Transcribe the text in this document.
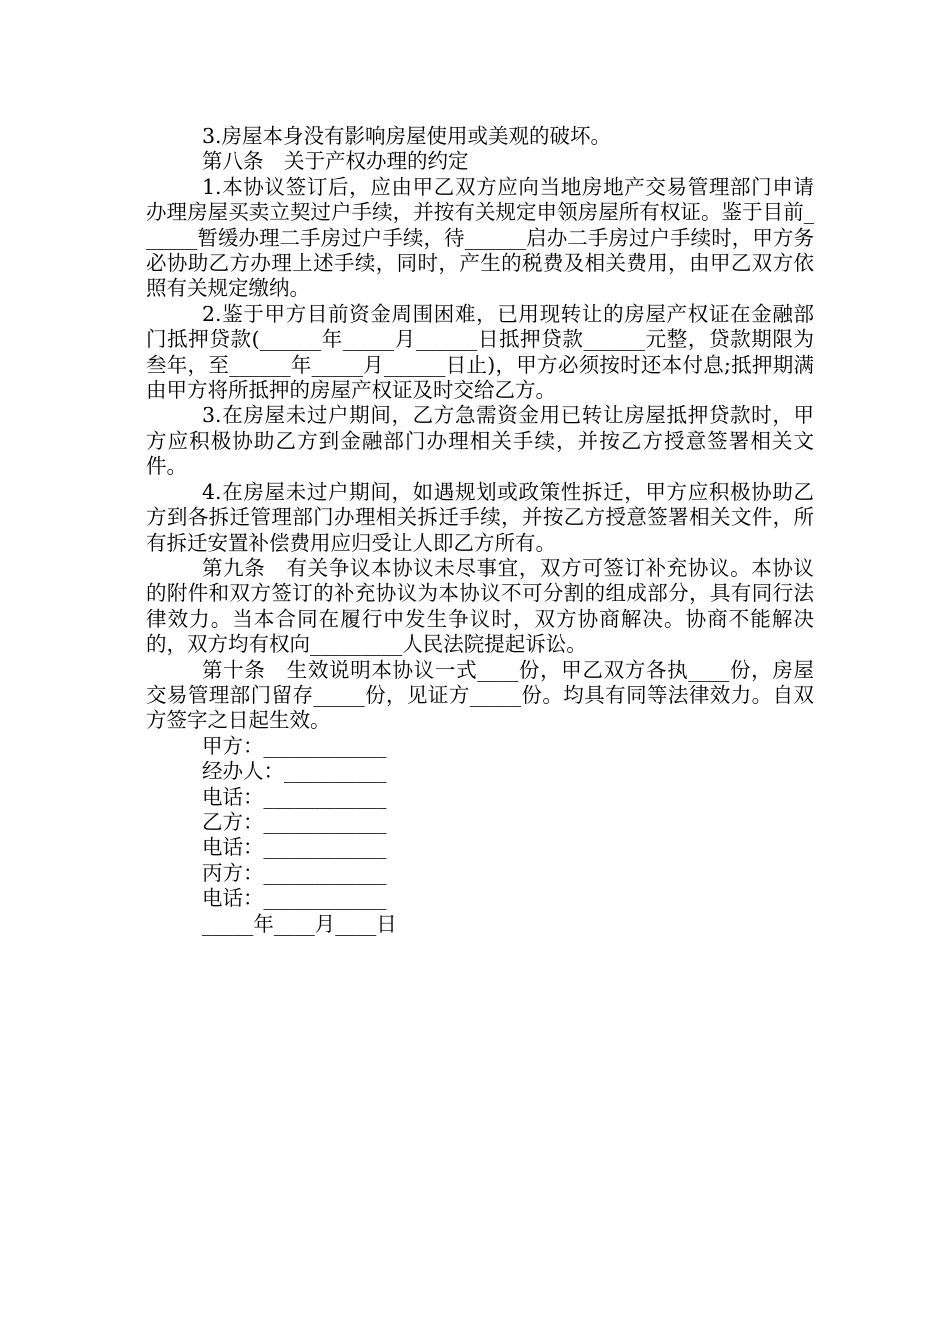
3.房屋本身没有影响房屋使用或美观的破坏。

第八条　关于产权办理的约定

1.本协议签订后，应由甲乙双方应向当地房地产交易管理部门申请办理房屋买卖立契过户手续，并按有关规定申领房屋所有权证。鉴于目前______暂缓办理二手房过户手续，待______启办二手房过户手续时，甲方务必协助乙方办理上述手续，同时，产生的税费及相关费用，由甲乙双方依照有关规定缴纳。

2.鉴于甲方目前资金周围困难，已用现转让的房屋产权证在金融部门抵押贷款(______年_____月______日抵押贷款______元整，贷款期限为叁年，至______年_____月______日止)，甲方必须按时还本付息;抵押期满由甲方将所抵押的房屋产权证及时交给乙方。

3.在房屋未过户期间，乙方急需资金用已转让房屋抵押贷款时，甲方应积极协助乙方到金融部门办理相关手续，并按乙方授意签署相关文件。

4.在房屋未过户期间，如遇规划或政策性拆迁，甲方应积极协助乙方到各拆迁管理部门办理相关拆迁手续，并按乙方授意签署相关文件，所有拆迁安置补偿费用应归受让人即乙方所有。

第九条　有关争议本协议未尽事宜，双方可签订补充协议。本协议的附件和双方签订的补充协议为本协议不可分割的组成部分，具有同行法律效力。当本合同在履行中发生争议时，双方协商解决。协商不能解决的，双方均有权向_________人民法院提起诉讼。

第十条　生效说明本协议一式____份，甲乙双方各执____份，房屋交易管理部门留存_____份，见证方_____份。均具有同等法律效力。自双方签字之日起生效。

甲方：____________

经办人：__________

电话：____________

乙方：____________

电话：____________

丙方：____________

电话：____________

_____年____月____日
